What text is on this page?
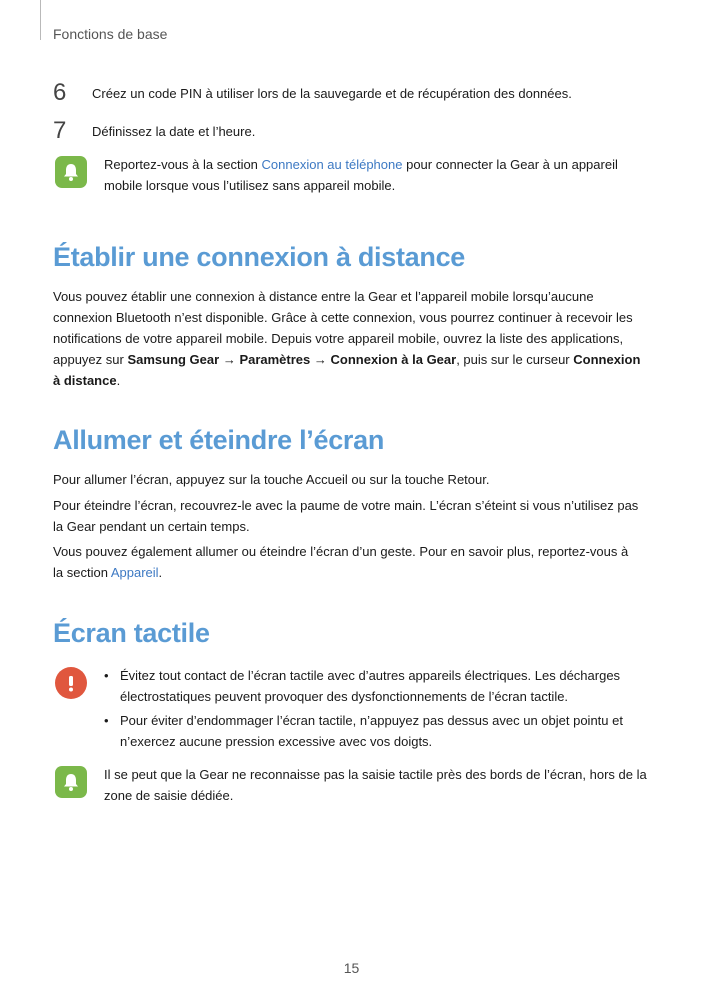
Fonctions de base
6 Créez un code PIN à utiliser lors de la sauvegarde et de récupération des données.
7 Définissez la date et l’heure.
Reportez-vous à la section Connexion au téléphone pour connecter la Gear à un appareil
mobile lorsque vous l’utilisez sans appareil mobile.
Établir une connexion à distance
Vous pouvez établir une connexion à distance entre la Gear et l’appareil mobile lorsqu’aucune
connexion Bluetooth n’est disponible. Grâce à cette connexion, vous pourrez continuer à recevoir les
notifications de votre appareil mobile. Depuis votre appareil mobile, ouvrez la liste des applications,
appuyez sur Samsung Gear → Paramètres → Connexion à la Gear, puis sur le curseur Connexion
à distance.
Allumer et éteindre l’écran
Pour allumer l’écran, appuyez sur la touche Accueil ou sur la touche Retour.
Pour éteindre l’écran, recouvrez-le avec la paume de votre main. L’écran s’éteint si vous n’utilisez pas
la Gear pendant un certain temps.
Vous pouvez également allumer ou éteindre l’écran d’un geste. Pour en savoir plus, reportez-vous à
la section Appareil.
Écran tactile
• Évitez tout contact de l’écran tactile avec d’autres appareils électriques. Les décharges
électrostatiques peuvent provoquer des dysfonctionnements de l’écran tactile.
• Pour éviter d’endommager l’écran tactile, n’appuyez pas dessus avec un objet pointu et
n’exercez aucune pression excessive avec vos doigts.
Il se peut que la Gear ne reconnaisse pas la saisie tactile près des bords de l’écran, hors de la
zone de saisie dédiée.
15
